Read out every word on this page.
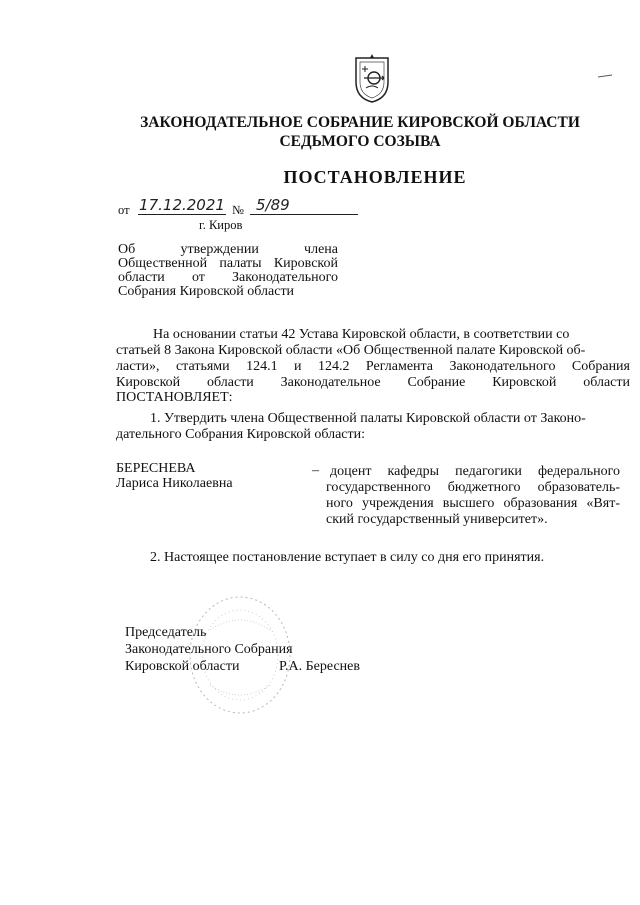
ЗАКОНОДАТЕЛЬНОЕ СОБРАНИЕ КИРОВСКОЙ ОБЛАСТИ
СЕДЬМОГО СОЗЫВА
ПОСТАНОВЛЕНИЕ
от 17.12.2021 № 5/89
г. Киров
Об утверждении члена Общественной палаты Кировской области от Законодательного Собрания Кировской области
На основании статьи 42 Устава Кировской области, в соответствии со
статьей 8 Закона Кировской области «Об Общественной палате Кировской об-
ласти», статьями 124.1 и 124.2 Регламента Законодательного Собрания
Кировской области Законодательное Собрание Кировской области
ПОСТАНОВЛЯЕТ:
1. Утвердить члена Общественной палаты Кировской области от Законо-
дательного Собрания Кировской области:
БЕРЕСНЕВА
Лариса Николаевна
– доцент кафедры педагогики федерального
государственного бюджетного образователь-
ного учреждения высшего образования «Вят-
ский государственный университет».
2. Настоящее постановление вступает в силу со дня его принятия.
Председатель
Законодательного Собрания
Кировской области	Р.А. Береснев
